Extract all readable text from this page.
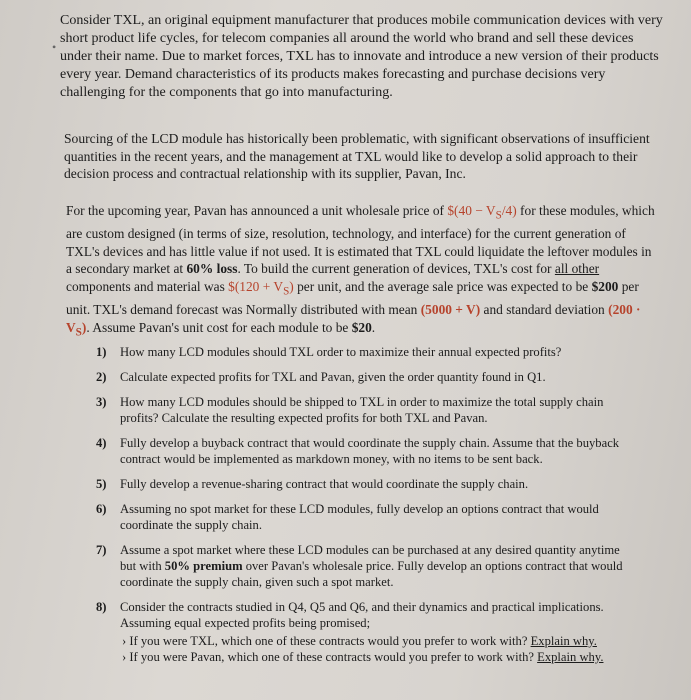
•

Consider TXL, an original equipment manufacturer that produces mobile communication devices with very short product life cycles, for telecom companies all around the world who brand and sell these devices under their name. Due to market forces, TXL has to innovate and introduce a new version of their products every year. Demand characteristics of its products makes forecasting and purchase decisions very challenging for the components that go into manufacturing.

Sourcing of the LCD module has historically been problematic, with significant observations of insufficient quantities in the recent years, and the management at TXL would like to develop a solid approach to their decision process and contractual relationship with its supplier, Pavan, Inc.

For the upcoming year, Pavan has announced a unit wholesale price of $(40 − $V_S/4$) for these modules, which are custom designed (in terms of size, resolution, technology, and interface) for the current generation of TXL's devices and has little value if not used. It is estimated that TXL could liquidate the leftover modules in a secondary market at 60% loss. To build the current generation of devices, TXL's cost for all other components and material was $(120 + $V_S$) per unit, and the average sale price was expected to be $200 per unit. TXL's demand forecast was Normally distributed with mean (5000 + V) and standard deviation $(200 \cdot V_S)$. Assume Pavan's unit cost for each module to be $20.

1)	How many LCD modules should TXL order to maximize their annual expected profits?
2)	Calculate expected profits for TXL and Pavan, given the order quantity found in Q1.
3)	How many LCD modules should be shipped to TXL in order to maximize the total supply chain profits? Calculate the resulting expected profits for both TXL and Pavan.
4)	Fully develop a buyback contract that would coordinate the supply chain. Assume that the buyback contract would be implemented as markdown money, with no items to be sent back.
5)	Fully develop a revenue-sharing contract that would coordinate the supply chain.
6)	Assuming no spot market for these LCD modules, fully develop an options contract that would coordinate the supply chain.
7)	Assume a spot market where these LCD modules can be purchased at any desired quantity anytime but with 50% premium over Pavan's wholesale price. Fully develop an options contract that would coordinate the supply chain, given such a spot market.
8)	Consider the contracts studied in Q4, Q5 and Q6, and their dynamics and practical implications. Assuming equal expected profits being promised;
› If you were TXL, which one of these contracts would you prefer to work with? Explain why.
› If you were Pavan, which one of these contracts would you prefer to work with? Explain why.
